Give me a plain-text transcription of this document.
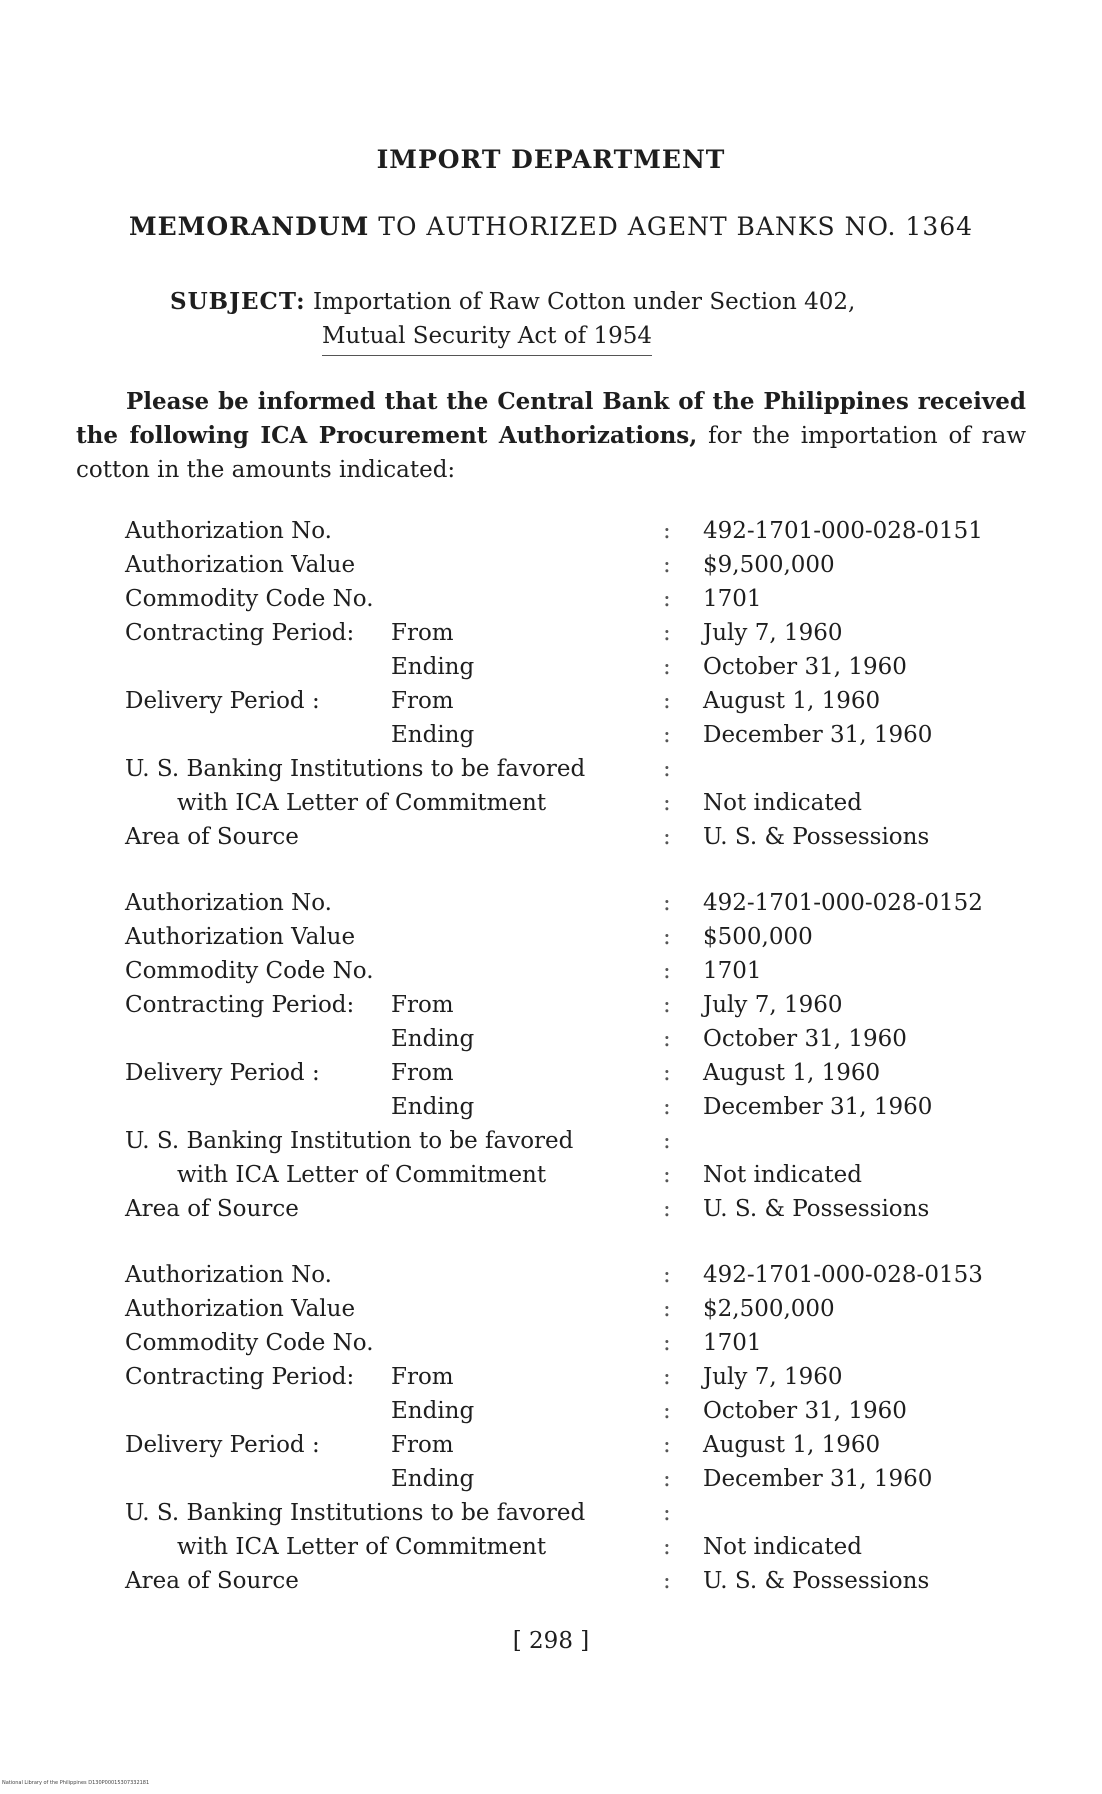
IMPORT DEPARTMENT
MEMORANDUM TO AUTHORIZED AGENT BANKS NO. 1364
SUBJECT: Importation of Raw Cotton under Section 402,
Mutual Security Act of 1954
Please be informed that the Central Bank of the Philippines received the following ICA Procurement Authorizations, for the importation of raw cotton in the amounts indicated:
Authorization No.	: 492-1701-000-028-0151
Authorization Value	: $9,500,000
Commodity Code No.	: 1701
Contracting Period: From	: July 7, 1960
Ending	: October 31, 1960
Delivery Period :	From	: August 1, 1960
Ending	: December 31, 1960
U. S. Banking Institutions to be favored	:
with ICA Letter of Commitment	: Not indicated
Area of Source	: U. S. & Possessions
Authorization No.	: 492-1701-000-028-0152
Authorization Value	: $500,000
Commodity Code No.	: 1701
Contracting Period: From	: July 7, 1960
Ending	: October 31, 1960
Delivery Period :	From	: August 1, 1960
Ending	: December 31, 1960
U. S. Banking Institution to be favored	:
with ICA Letter of Commitment	: Not indicated
Area of Source	: U. S. & Possessions
Authorization No.	: 492-1701-000-028-0153
Authorization Value	: $2,500,000
Commodity Code No.	: 1701
Contracting Period: From	: July 7, 1960
Ending	: October 31, 1960
Delivery Period :	From	: August 1, 1960
Ending	: December 31, 1960
U. S. Banking Institutions to be favored	:
with ICA Letter of Commitment	: Not indicated
Area of Source	: U. S. & Possessions
[ 298 ]
National Library of the Philippines D130P00015307332181
